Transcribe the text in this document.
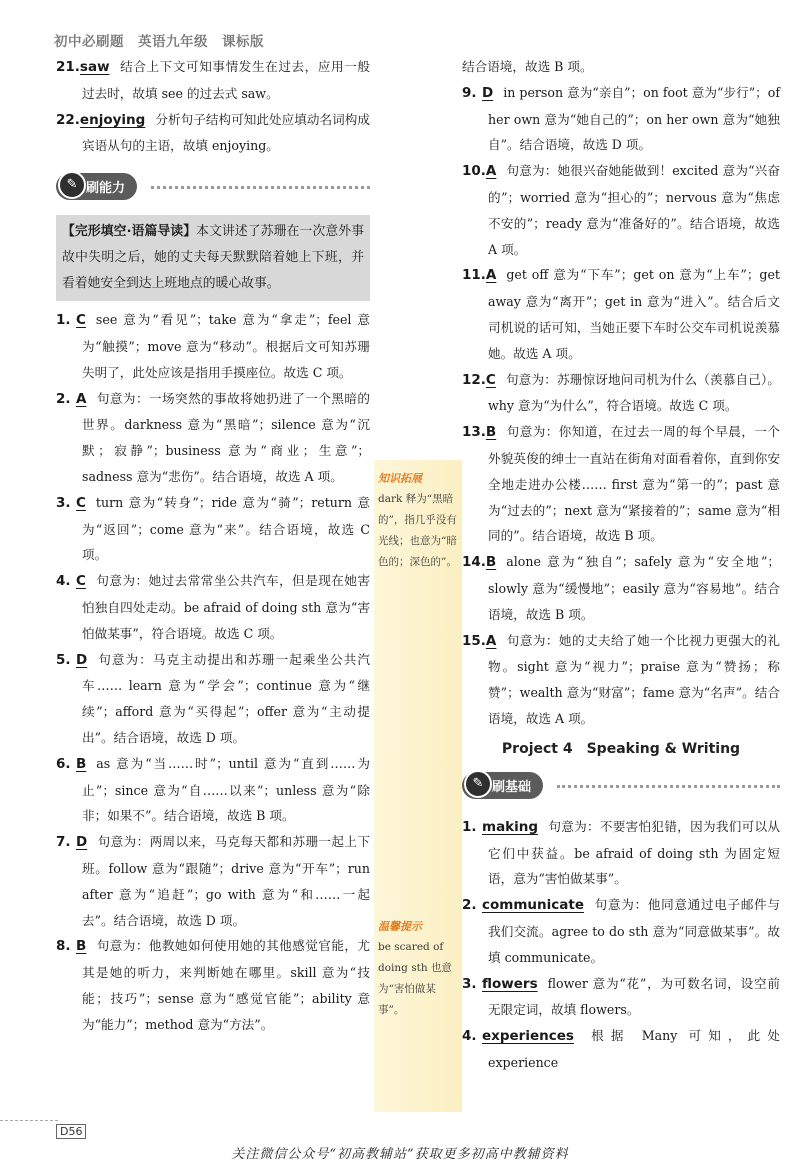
初中必刷题　英语九年级　课标版
21.saw 结合上下文可知事情发生在过去，应用一般过去时，故填 see 的过去式 saw。
22.enjoying 分析句子结构可知此处应填动名词构成宾语从句的主语，故填 enjoying。
刷能力
✎
【完形填空·语篇导读】本文讲述了苏珊在一次意外事故中失明之后，她的丈夫每天默默陪着她上下班，并看着她安全到达上班地点的暖心故事。
1. C see 意为“看见”；take 意为“拿走”；feel 意为“触摸”；move 意为“移动”。根据后文可知苏珊失明了，此处应该是指用手摸座位。故选 C 项。
2. A 句意为：一场突然的事故将她扔进了一个黑暗的世界。darkness 意为“黑暗”；silence 意为“沉默；寂静”；business 意为“商业；生意”；sadness 意为“悲伤”。结合语境，故选 A 项。
3. C turn 意为“转身”；ride 意为“骑”；return 意为“返回”；come 意为“来”。结合语境，故选 C 项。
4. C 句意为：她过去常常坐公共汽车，但是现在她害怕独自四处走动。be afraid of doing sth 意为“害怕做某事”，符合语境。故选 C 项。
5. D 句意为：马克主动提出和苏珊一起乘坐公共汽车…… learn 意为“学会”；continue 意为“继续”；afford 意为“买得起”；offer 意为“主动提出”。结合语境，故选 D 项。
6. B as 意为“当……时”；until 意为“直到……为止”；since 意为“自……以来”；unless 意为“除非；如果不”。结合语境，故选 B 项。
7. D 句意为：两周以来，马克每天都和苏珊一起上下班。follow 意为“跟随”；drive 意为“开车”；run after 意为“追赶”；go with 意为“和……一起去”。结合语境，故选 D 项。
8. B 句意为：他教她如何使用她的其他感觉官能，尤其是她的听力，来判断她在哪里。skill 意为“技能；技巧”；sense 意为“感觉官能”；ability 意为“能力”；method 意为“方法”。
知识拓展
dark 释为“黑暗的”，指几乎没有光线；也意为“暗色的；深色的”。
温馨提示
be scared of doing sth 也意为“害怕做某事”。
结合语境，故选 B 项。
9. D in person 意为“亲自”；on foot 意为“步行”；of her own 意为“她自己的”；on her own 意为“她独自”。结合语境，故选 D 项。
10.A 句意为：她很兴奋她能做到！excited 意为“兴奋的”；worried 意为“担心的”；nervous 意为“焦虑不安的”；ready 意为“准备好的”。结合语境，故选 A 项。
11.A get off 意为“下车”；get on 意为“上车”；get away 意为“离开”；get in 意为“进入”。结合后文司机说的话可知，当她正要下车时公交车司机说羡慕她。故选 A 项。
12.C 句意为：苏珊惊讶地问司机为什么（羡慕自己）。why 意为“为什么”，符合语境。故选 C 项。
13.B 句意为：你知道，在过去一周的每个早晨，一个外貌英俊的绅士一直站在街角对面看着你，直到你安全地走进办公楼…… first 意为“第一的”；past 意为“过去的”；next 意为“紧接着的”；same 意为“相同的”。结合语境，故选 B 项。
14.B alone 意为“独自”；safely 意为“安全地”；slowly 意为“缓慢地”；easily 意为“容易地”。结合语境，故选 B 项。
15.A 句意为：她的丈夫给了她一个比视力更强大的礼物。sight 意为“视力”；praise 意为“赞扬；称赞”；wealth 意为“财富”；fame 意为“名声”。结合语境，故选 A 项。
Project 4　Speaking & Writing
刷基础
✎
1. making 句意为：不要害怕犯错，因为我们可以从它们中获益。be afraid of doing sth 为固定短语，意为“害怕做某事”。
2. communicate 句意为：他同意通过电子邮件与我们交流。agree to do sth 意为“同意做某事”。故填 communicate。
3. flowers flower 意为“花”，为可数名词，设空前无限定词，故填 flowers。
4. experiences 根据 Many 可知，此处 experience
D56
关注微信公众号“初高教辅站”获取更多初高中教辅资料
